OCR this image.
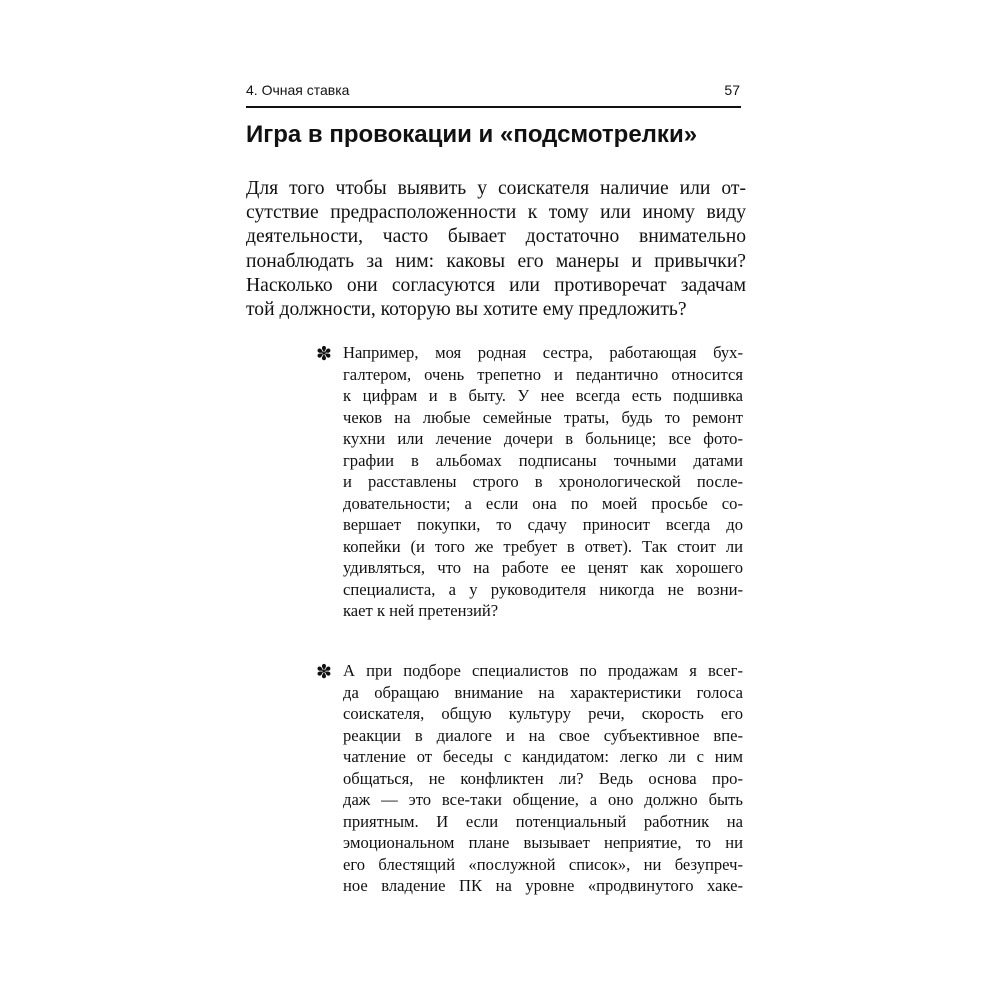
4. Очная ставка	57
Игра в провокации и «подсмотрелки»
Для того чтобы выявить у соискателя наличие или от-
сутствие предрасположенности к тому или иному виду
деятельности, часто бывает достаточно внимательно
понаблюдать за ним: каковы его манеры и привычки?
Насколько они согласуются или противоречат задачам
той должности, которую вы хотите ему предложить?
✽ Например, моя родная сестра, работающая бух-
галтером, очень трепетно и педантично относится
к цифрам и в быту. У нее всегда есть подшивка
чеков на любые семейные траты, будь то ремонт
кухни или лечение дочери в больнице; все фото-
графии в альбомах подписаны точными датами
и расставлены строго в хронологической после-
довательности; а если она по моей просьбе со-
вершает покупки, то сдачу приносит всегда до
копейки (и того же требует в ответ). Так стоит ли
удивляться, что на работе ее ценят как хорошего
специалиста, а у руководителя никогда не возни-
кает к ней претензий?
✽ А при подборе специалистов по продажам я всег-
да обращаю внимание на характеристики голоса
соискателя, общую культуру речи, скорость его
реакции в диалоге и на свое субъективное впе-
чатление от беседы с кандидатом: легко ли с ним
общаться, не конфликтен ли? Ведь основа про-
даж — это все-таки общение, а оно должно быть
приятным. И если потенциальный работник на
эмоциональном плане вызывает неприятие, то ни
его блестящий «послужной список», ни безупреч-
ное владение ПК на уровне «продвинутого хаке-
